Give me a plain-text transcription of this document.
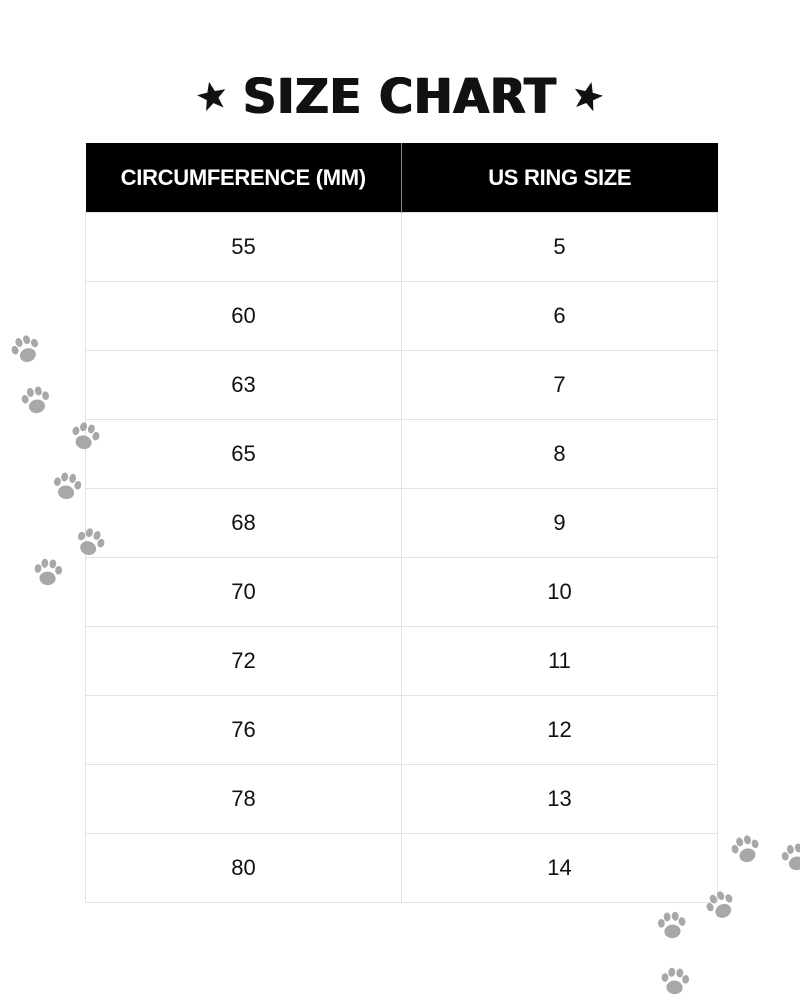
SIZE CHART
CIRCUMFERENCE (MM)	US RING SIZE
55	5
60	6
63	7
65	8
68	9
70	10
72	11
76	12
78	13
80	14
